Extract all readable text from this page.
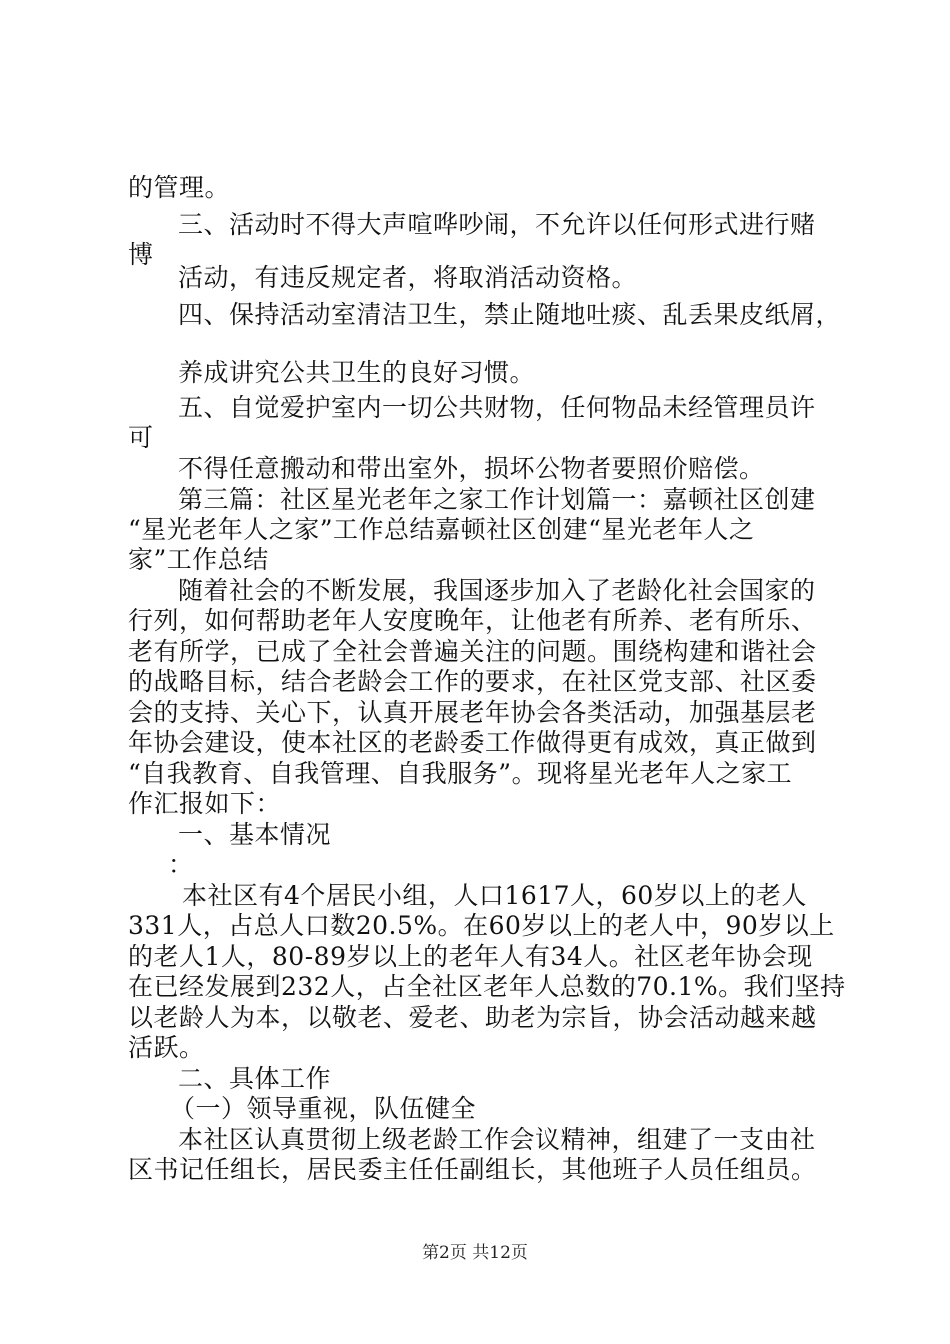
的管理。
三、活动时不得大声喧哗吵闹，不允许以任何形式进行赌
博
活动，有违反规定者，将取消活动资格。
四、保持活动室清洁卫生，禁止随地吐痰、乱丢果皮纸屑，
养成讲究公共卫生的良好习惯。
五、自觉爱护室内一切公共财物，任何物品未经管理员许
可
不得任意搬动和带出室外，损坏公物者要照价赔偿。
第三篇：社区星光老年之家工作计划篇一：嘉顿社区创建
“星光老年人之家”工作总结嘉顿社区创建“星光老年人之
家”工作总结
随着社会的不断发展，我国逐步加入了老龄化社会国家的
行列，如何帮助老年人安度晚年，让他老有所养、老有所乐、
老有所学，已成了全社会普遍关注的问题。围绕构建和谐社会
的战略目标，结合老龄会工作的要求，在社区党支部、社区委
会的支持、关心下，认真开展老年协会各类活动，加强基层老
年协会建设，使本社区的老龄委工作做得更有成效，真正做到
“自我教育、自我管理、自我服务”。现将星光老年人之家工
作汇报如下：
一、基本情况
：
本社区有4个居民小组，人口1617人，60岁以上的老人
331人，占总人口数20.5%。在60岁以上的老人中，90岁以上
的老人1人，80-89岁以上的老年人有34人。社区老年协会现
在已经发展到232人，占全社区老年人总数的70.1%。我们坚持
以老龄人为本，以敬老、爱老、助老为宗旨，协会活动越来越
活跃。
二、具体工作
（一）领导重视，队伍健全
本社区认真贯彻上级老龄工作会议精神，组建了一支由社
区书记任组长，居民委主任任副组长，其他班子人员任组员。
第2页 共12页
